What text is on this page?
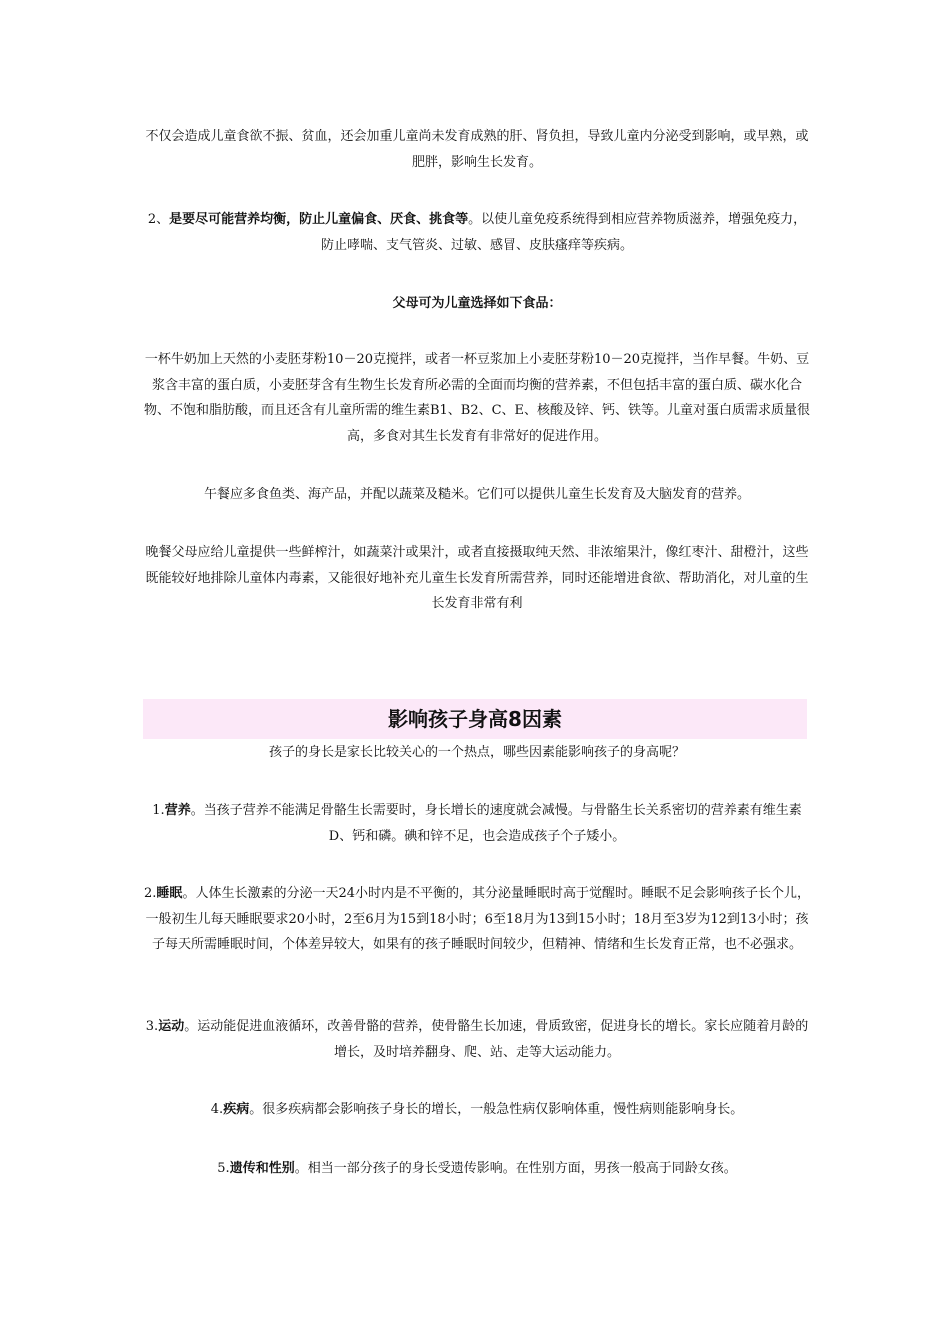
不仅会造成儿童食欲不振、贫血，还会加重儿童尚未发育成熟的肝、肾负担，导致儿童内分泌受到影响，或早熟，或肥胖，影响生长发育。
2、是要尽可能营养均衡，防止儿童偏食、厌食、挑食等。以使儿童免疫系统得到相应营养物质滋养，增强免疫力，防止哮喘、支气管炎、过敏、感冒、皮肤瘙痒等疾病。
父母可为儿童选择如下食品：
一杯牛奶加上天然的小麦胚芽粉10－20克搅拌，或者一杯豆浆加上小麦胚芽粉10－20克搅拌，当作早餐。牛奶、豆浆含丰富的蛋白质，小麦胚芽含有生物生长发育所必需的全面而均衡的营养素，不但包括丰富的蛋白质、碳水化合物、不饱和脂肪酸，而且还含有儿童所需的维生素B1、B2、C、E、核酸及锌、钙、铁等。儿童对蛋白质需求质量很高，多食对其生长发育有非常好的促进作用。
午餐应多食鱼类、海产品，并配以蔬菜及糙米。它们可以提供儿童生长发育及大脑发育的营养。
晚餐父母应给儿童提供一些鲜榨汁，如蔬菜汁或果汁，或者直接摄取纯天然、非浓缩果汁，像红枣汁、甜橙汁，这些既能较好地排除儿童体内毒素，又能很好地补充儿童生长发育所需营养，同时还能增进食欲、帮助消化，对儿童的生长发育非常有利
影响孩子身高8因素
孩子的身长是家长比较关心的一个热点，哪些因素能影响孩子的身高呢？
1.营养。当孩子营养不能满足骨骼生长需要时，身长增长的速度就会减慢。与骨骼生长关系密切的营养素有维生素D、钙和磷。碘和锌不足，也会造成孩子个子矮小。
2.睡眠。人体生长激素的分泌一天24小时内是不平衡的，其分泌量睡眠时高于觉醒时。睡眠不足会影响孩子长个儿，一般初生儿每天睡眠要求20小时，2至6月为15到18小时；6至18月为13到15小时；18月至3岁为12到13小时；孩子每天所需睡眠时间，个体差异较大，如果有的孩子睡眠时间较少，但精神、情绪和生长发育正常，也不必强求。
3.运动。运动能促进血液循环，改善骨骼的营养，使骨骼生长加速，骨质致密，促进身长的增长。家长应随着月龄的增长，及时培养翻身、爬、站、走等大运动能力。
4.疾病。很多疾病都会影响孩子身长的增长，一般急性病仅影响体重，慢性病则能影响身长。
5.遗传和性别。相当一部分孩子的身长受遗传影响。在性别方面，男孩一般高于同龄女孩。
